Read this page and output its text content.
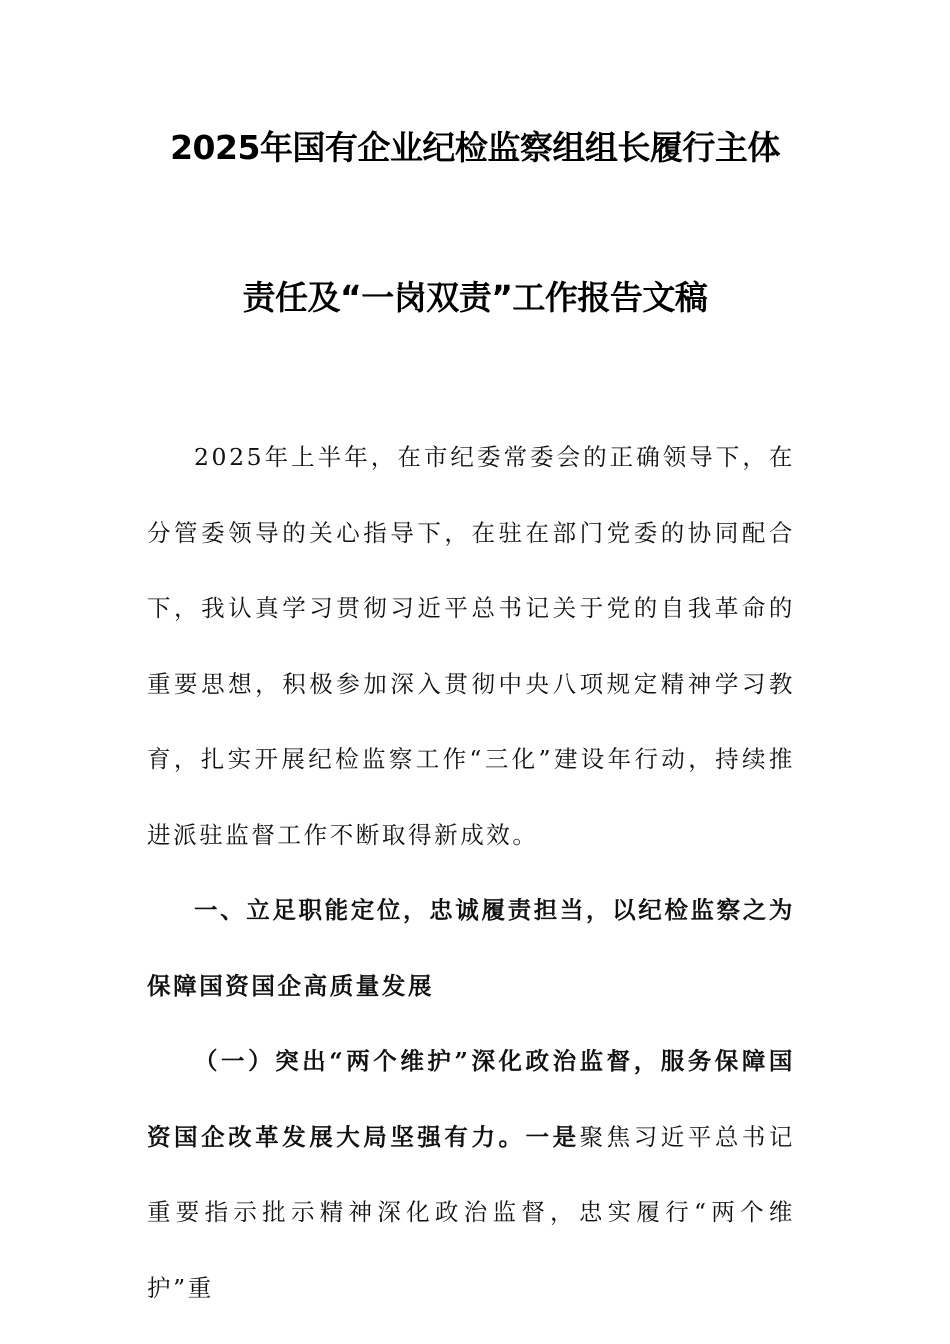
2025年国有企业纪检监察组组长履行主体
责任及“一岗双责”工作报告文稿

2025年上半年，在市纪委常委会的正确领导下，在分管委领导的关心指导下，在驻在部门党委的协同配合下，我认真学习贯彻习近平总书记关于党的自我革命的重要思想，积极参加深入贯彻中央八项规定精神学习教育，扎实开展纪检监察工作“三化”建设年行动，持续推进派驻监督工作不断取得新成效。

一、立足职能定位，忠诚履责担当，以纪检监察之为保障国资国企高质量发展

（一）突出“两个维护”深化政治监督，服务保障国资国企改革发展大局坚强有力。一是聚焦习近平总书记重要指示批示精神深化政治监督，忠实履行“两个维护”重
